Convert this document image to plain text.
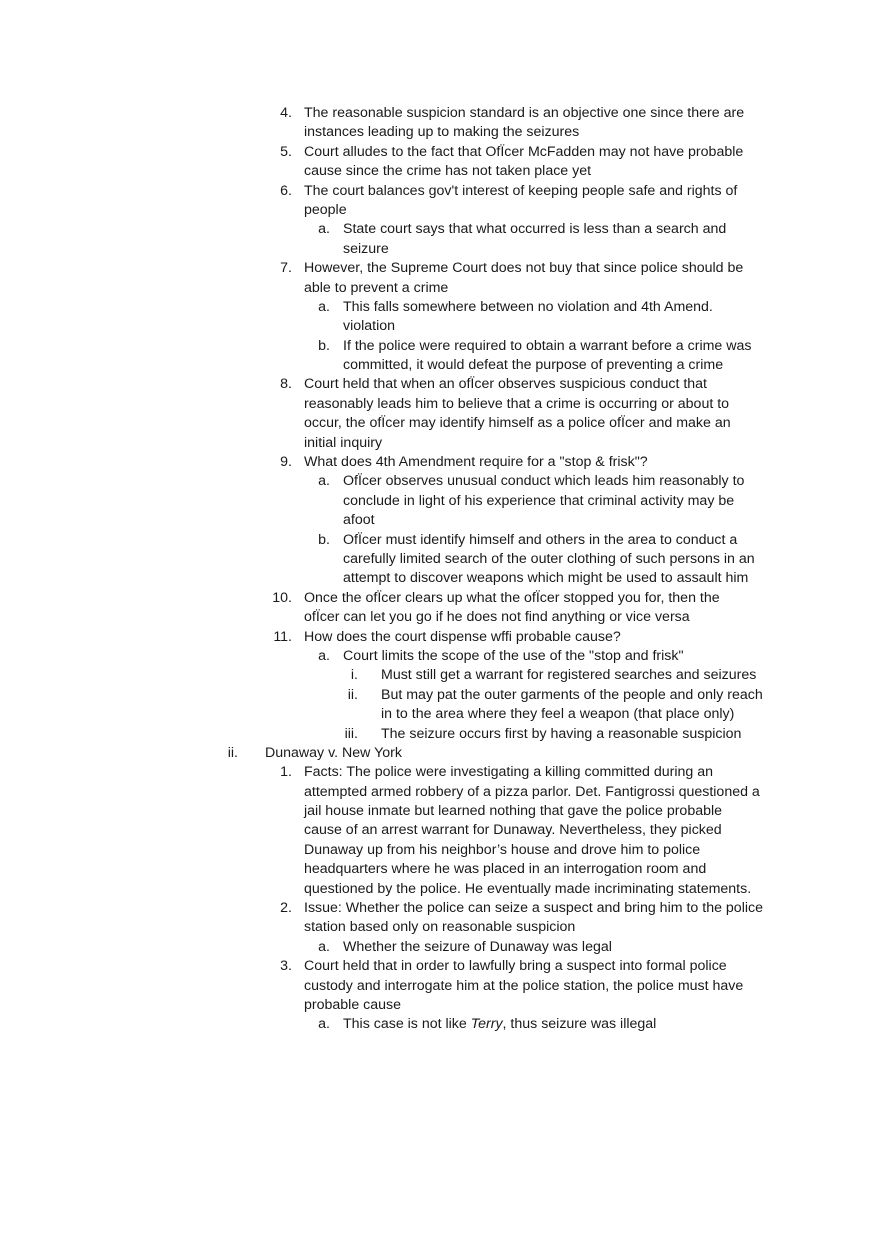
4. The reasonable suspicion standard is an objective one since there are
instances leading up to making the seizures
5. Court alludes to the fact that OfÏcer McFadden may not have probable
cause since the crime has not taken place yet
6. The court balances gov't interest of keeping people safe and rights of
people
a. State court says that what occurred is less than a search and
seizure
7. However, the Supreme Court does not buy that since police should be
able to prevent a crime
a. This falls somewhere between no violation and 4th Amend.
violation
b. If the police were required to obtain a warrant before a crime was
committed, it would defeat the purpose of preventing a crime
8. Court held that when an ofÏcer observes suspicious conduct that
reasonably leads him to believe that a crime is occurring or about to
occur, the ofÏcer may identify himself as a police ofÏcer and make an
initial inquiry
9. What does 4th Amendment require for a "stop & frisk"?
a. OfÏcer observes unusual conduct which leads him reasonably to
conclude in light of his experience that criminal activity may be
afoot
b. OfÏcer must identify himself and others in the area to conduct a
carefully limited search of the outer clothing of such persons in an
attempt to discover weapons which might be used to assault him
10. Once the ofÏcer clears up what the ofÏcer stopped you for, then the
ofÏcer can let you go if he does not find anything or vice versa
11. How does the court dispense wffi probable cause?
a. Court limits the scope of the use of the "stop and frisk"
i. Must still get a warrant for registered searches and seizures
ii. But may pat the outer garments of the people and only reach
in to the area where they feel a weapon (that place only)
iii. The seizure occurs first by having a reasonable suspicion
ii. Dunaway v. New York
1. Facts: The police were investigating a killing committed during an
attempted armed robbery of a pizza parlor. Det. Fantigrossi questioned a
jail house inmate but learned nothing that gave the police probable
cause of an arrest warrant for Dunaway. Nevertheless, they picked
Dunaway up from his neighbor’s house and drove him to police
headquarters where he was placed in an interrogation room and
questioned by the police. He eventually made incriminating statements.
2. Issue: Whether the police can seize a suspect and bring him to the police
station based only on reasonable suspicion
a. Whether the seizure of Dunaway was legal
3. Court held that in order to lawfully bring a suspect into formal police
custody and interrogate him at the police station, the police must have
probable cause
a. This case is not like Terry, thus seizure was illegal
